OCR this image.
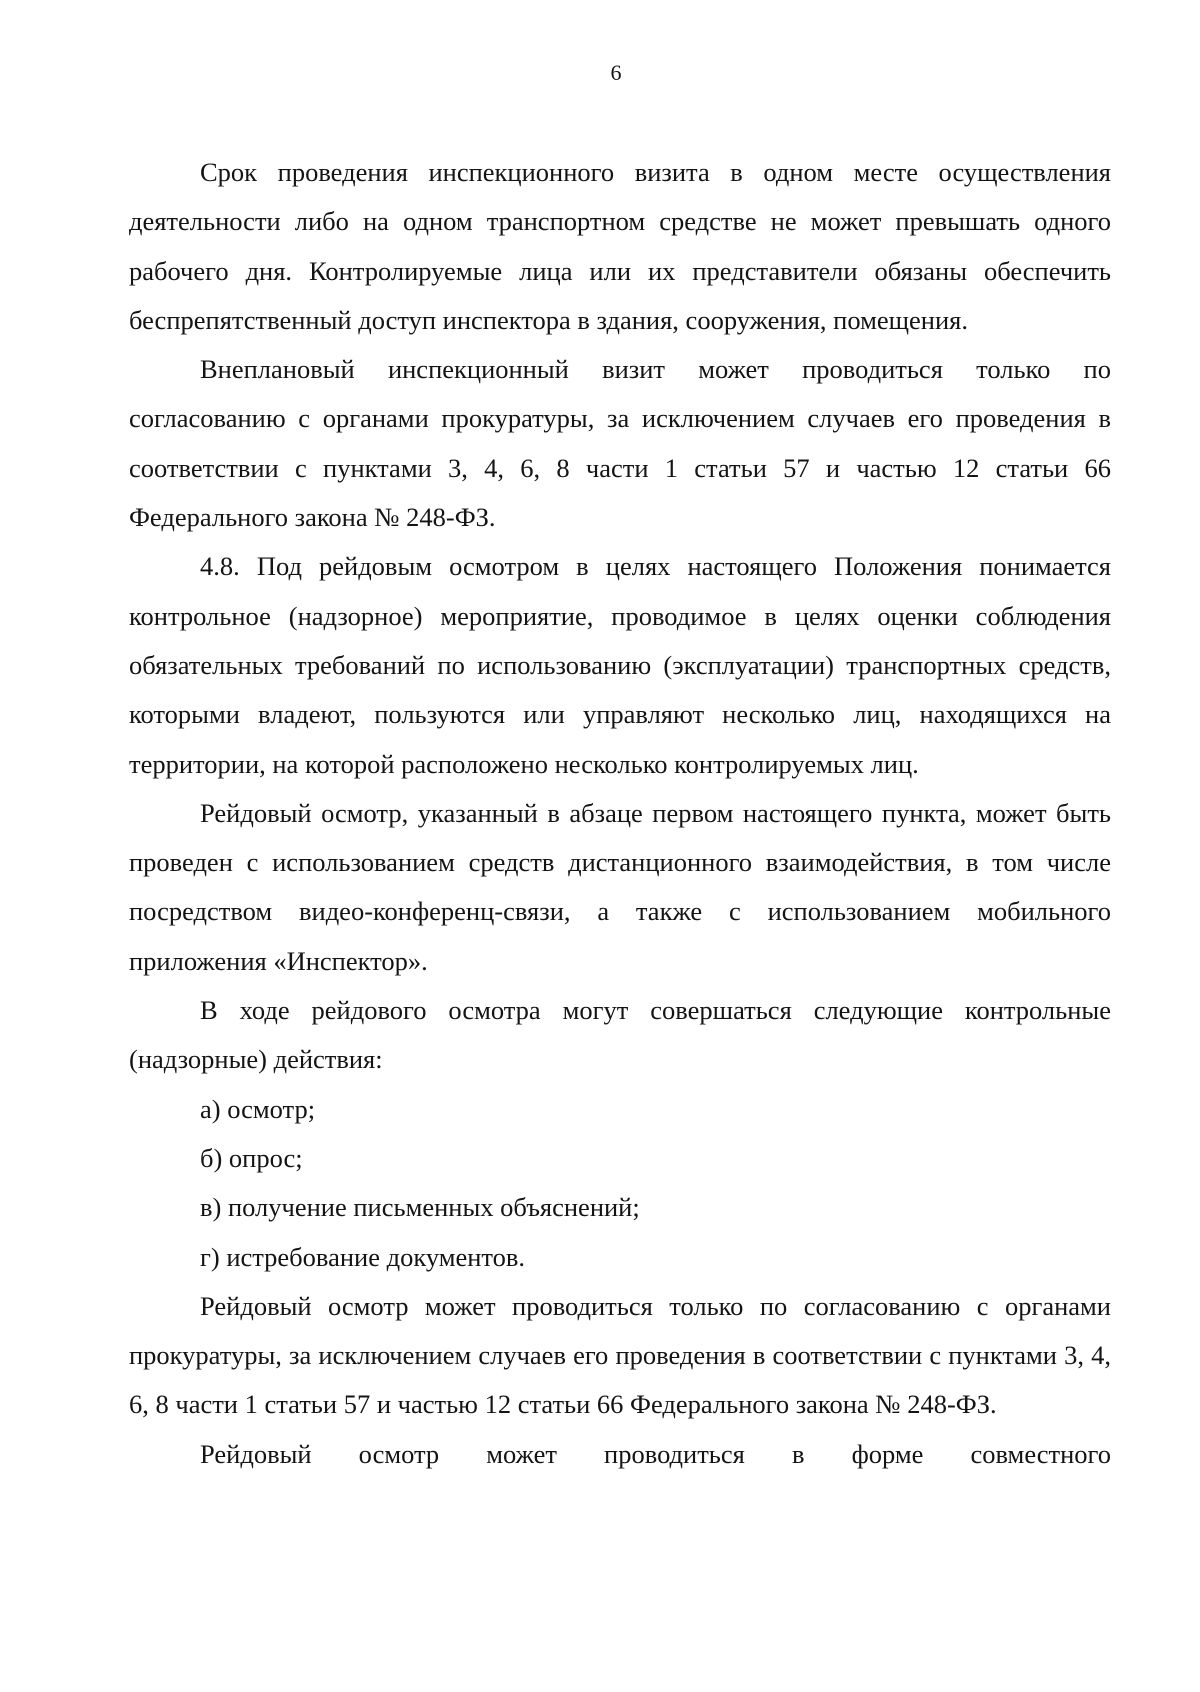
6

Срок проведения инспекционного визита в одном месте осуществления деятельности либо на одном транспортном средстве не может превышать одного рабочего дня. Контролируемые лица или их представители обязаны обеспечить беспрепятственный доступ инспектора в здания, сооружения, помещения.

Внеплановый инспекционный визит может проводиться только по согласованию с органами прокуратуры, за исключением случаев его проведения в соответствии с пунктами 3, 4, 6, 8 части 1 статьи 57 и частью 12 статьи 66 Федерального закона № 248-ФЗ.

4.8. Под рейдовым осмотром в целях настоящего Положения понимается контрольное (надзорное) мероприятие, проводимое в целях оценки соблюдения обязательных требований по использованию (эксплуатации) транспортных средств, которыми владеют, пользуются или управляют несколько лиц, находящихся на территории, на которой расположено несколько контролируемых лиц.

Рейдовый осмотр, указанный в абзаце первом настоящего пункта, может быть проведен с использованием средств дистанционного взаимодействия, в том числе посредством видео-конференц-связи, а также с использованием мобильного приложения «Инспектор».

В ходе рейдового осмотра могут совершаться следующие контрольные (надзорные) действия:

а) осмотр;

б) опрос;

в) получение письменных объяснений;

г) истребование документов.

Рейдовый осмотр может проводиться только по согласованию с органами прокуратуры, за исключением случаев его проведения в соответствии с пунктами 3, 4, 6, 8 части 1 статьи 57 и частью 12 статьи 66 Федерального закона № 248-ФЗ.

Рейдовый осмотр может проводиться в форме совместного
